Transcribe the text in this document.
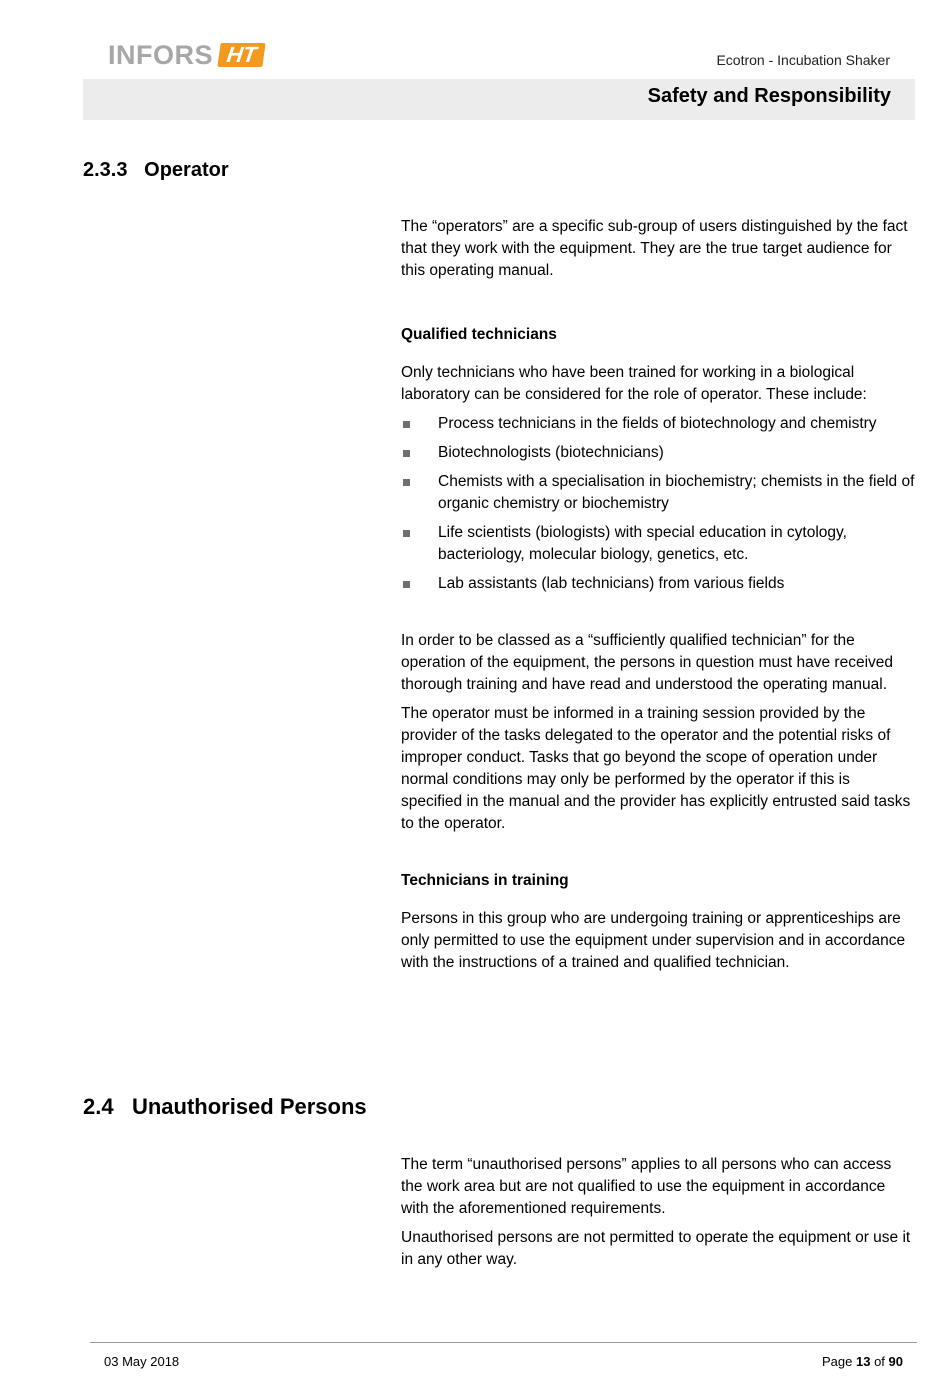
INFORS HT	Ecotron - Incubation Shaker
Safety and Responsibility
2.3.3 Operator

The “operators” are a specific sub-group of users distinguished by the fact that they work with the equipment. They are the true target audience for this operating manual.

Qualified technicians

Only technicians who have been trained for working in a biological laboratory can be considered for the role of operator. These include:

Process technicians in the fields of biotechnology and chemistry
Biotechnologists (biotechnicians)
Chemists with a specialisation in biochemistry; chemists in the field of organic chemistry or biochemistry
Life scientists (biologists) with special education in cytology, bacteriology, molecular biology, genetics, etc.
Lab assistants (lab technicians) from various fields

In order to be classed as a “sufficiently qualified technician” for the operation of the equipment, the persons in question must have received thorough training and have read and understood the operating manual.

The operator must be informed in a training session provided by the provider of the tasks delegated to the operator and the potential risks of improper conduct. Tasks that go beyond the scope of operation under normal conditions may only be performed by the operator if this is specified in the manual and the provider has explicitly entrusted said tasks to the operator.

Technicians in training

Persons in this group who are undergoing training or apprenticeships are only permitted to use the equipment under supervision and in accordance with the instructions of a trained and qualified technician.

2.4 Unauthorised Persons

The term “unauthorised persons” applies to all persons who can access the work area but are not qualified to use the equipment in accordance with the aforementioned requirements.

Unauthorised persons are not permitted to operate the equipment or use it in any other way.

03 May 2018	Page 13 of 90
